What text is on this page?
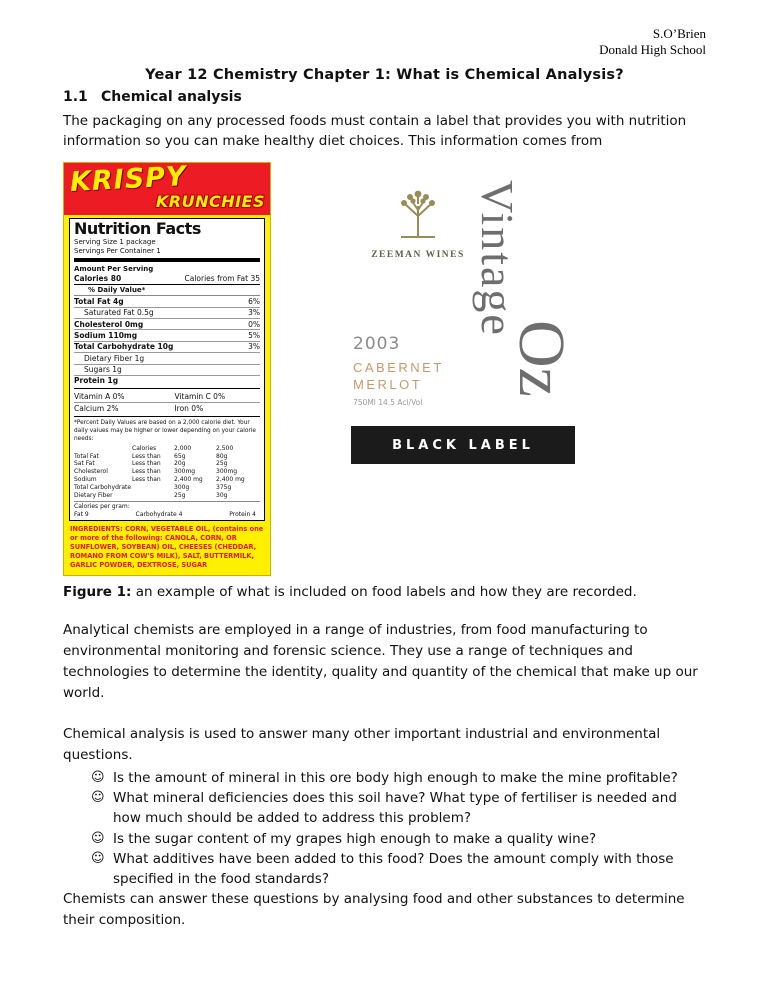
S.O’Brien
Donald High School
Year 12 Chemistry Chapter 1: What is Chemical Analysis?
1.1 Chemical analysis
The packaging on any processed foods must contain a label that provides you with nutrition information so you can make healthy diet choices. This information comes from
KRISPY
KRUNCHIES
Nutrition Facts
Serving Size 1 package
Servings Per Container 1
Amount Per Serving
Calories 80	Calories from Fat 35
% Daily Value*
Total Fat 4g	6%
Saturated Fat 0.5g	3%
Cholesterol 0mg	0%
Sodium 110mg	5%
Total Carbohydrate 10g	3%
Dietary Fiber 1g
Sugars 1g
Protein 1g
Vitamin A 0%	Vitamin C 0%
Calcium 2%	Iron 0%
*Percent Daily Values are based on a 2,000 calorie diet. Your daily values may be higher or lower depending on your calorie needs:
Calories	2,000	2,500
Total Fat	Less than	65g	80g
Sat Fat	Less than	20g	25g
Cholesterol	Less than	300mg	300mg
Sodium	Less than	2,400 mg	2,400 mg
Total Carbohydrate	300g	375g
Dietary Fiber	25g	30g
Calories per gram:
Fat 9	Carbohydrate 4	Protein 4
INGREDIENTS: CORN, VEGETABLE OIL, (contains one or more of the following: CANOLA, CORN, OR SUNFLOWER, SOYBEAN) OIL, CHEESES (CHEDDAR, ROMANO FROM COW'S MILK), SALT, BUTTERMILK, GARLIC POWDER, DEXTROSE, SUGAR
ZEEMAN WINES Vintage
Oz
2003
CABERNET
MERLOT
750Ml 14.5 Acl/Vol
BLACK LABEL
Figure 1: an example of what is included on food labels and how they are recorded.
Analytical chemists are employed in a range of industries, from food manufacturing to environmental monitoring and forensic science. They use a range of techniques and technologies to determine the identity, quality and quantity of the chemical that make up our world.
Chemical analysis is used to answer many other important industrial and environmental questions.
☺ Is the amount of mineral in this ore body high enough to make the mine profitable?
☺ What mineral deficiencies does this soil have? What type of fertiliser is needed and how much should be added to address this problem?
☺ Is the sugar content of my grapes high enough to make a quality wine?
☺ What additives have been added to this food? Does the amount comply with those specified in the food standards?
Chemists can answer these questions by analysing food and other substances to determine their composition.
